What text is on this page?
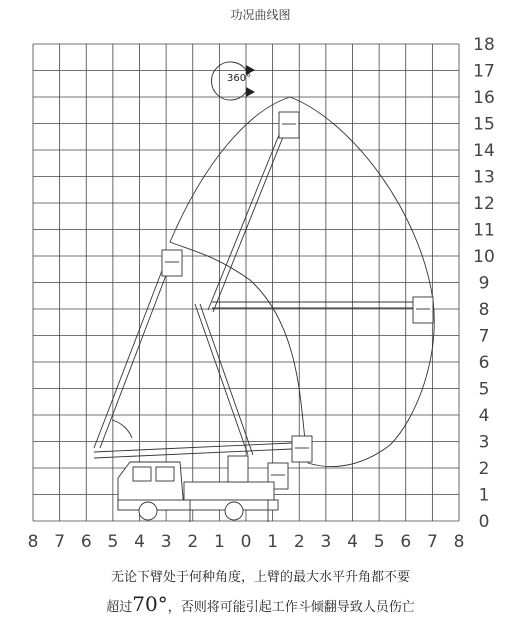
功况曲线图
0
1
2
3
4
5
6
7
8
9
10
11
12
13
14
15
16
17
18
8 7 6 5 4 3 2 1 0 1 2 3 4 5 6 7 8
360°
无论下臂处于何种角度，上臂的最大水平升角都不要
超过70°，否则将可能引起工作斗倾翻导致人员伤亡
